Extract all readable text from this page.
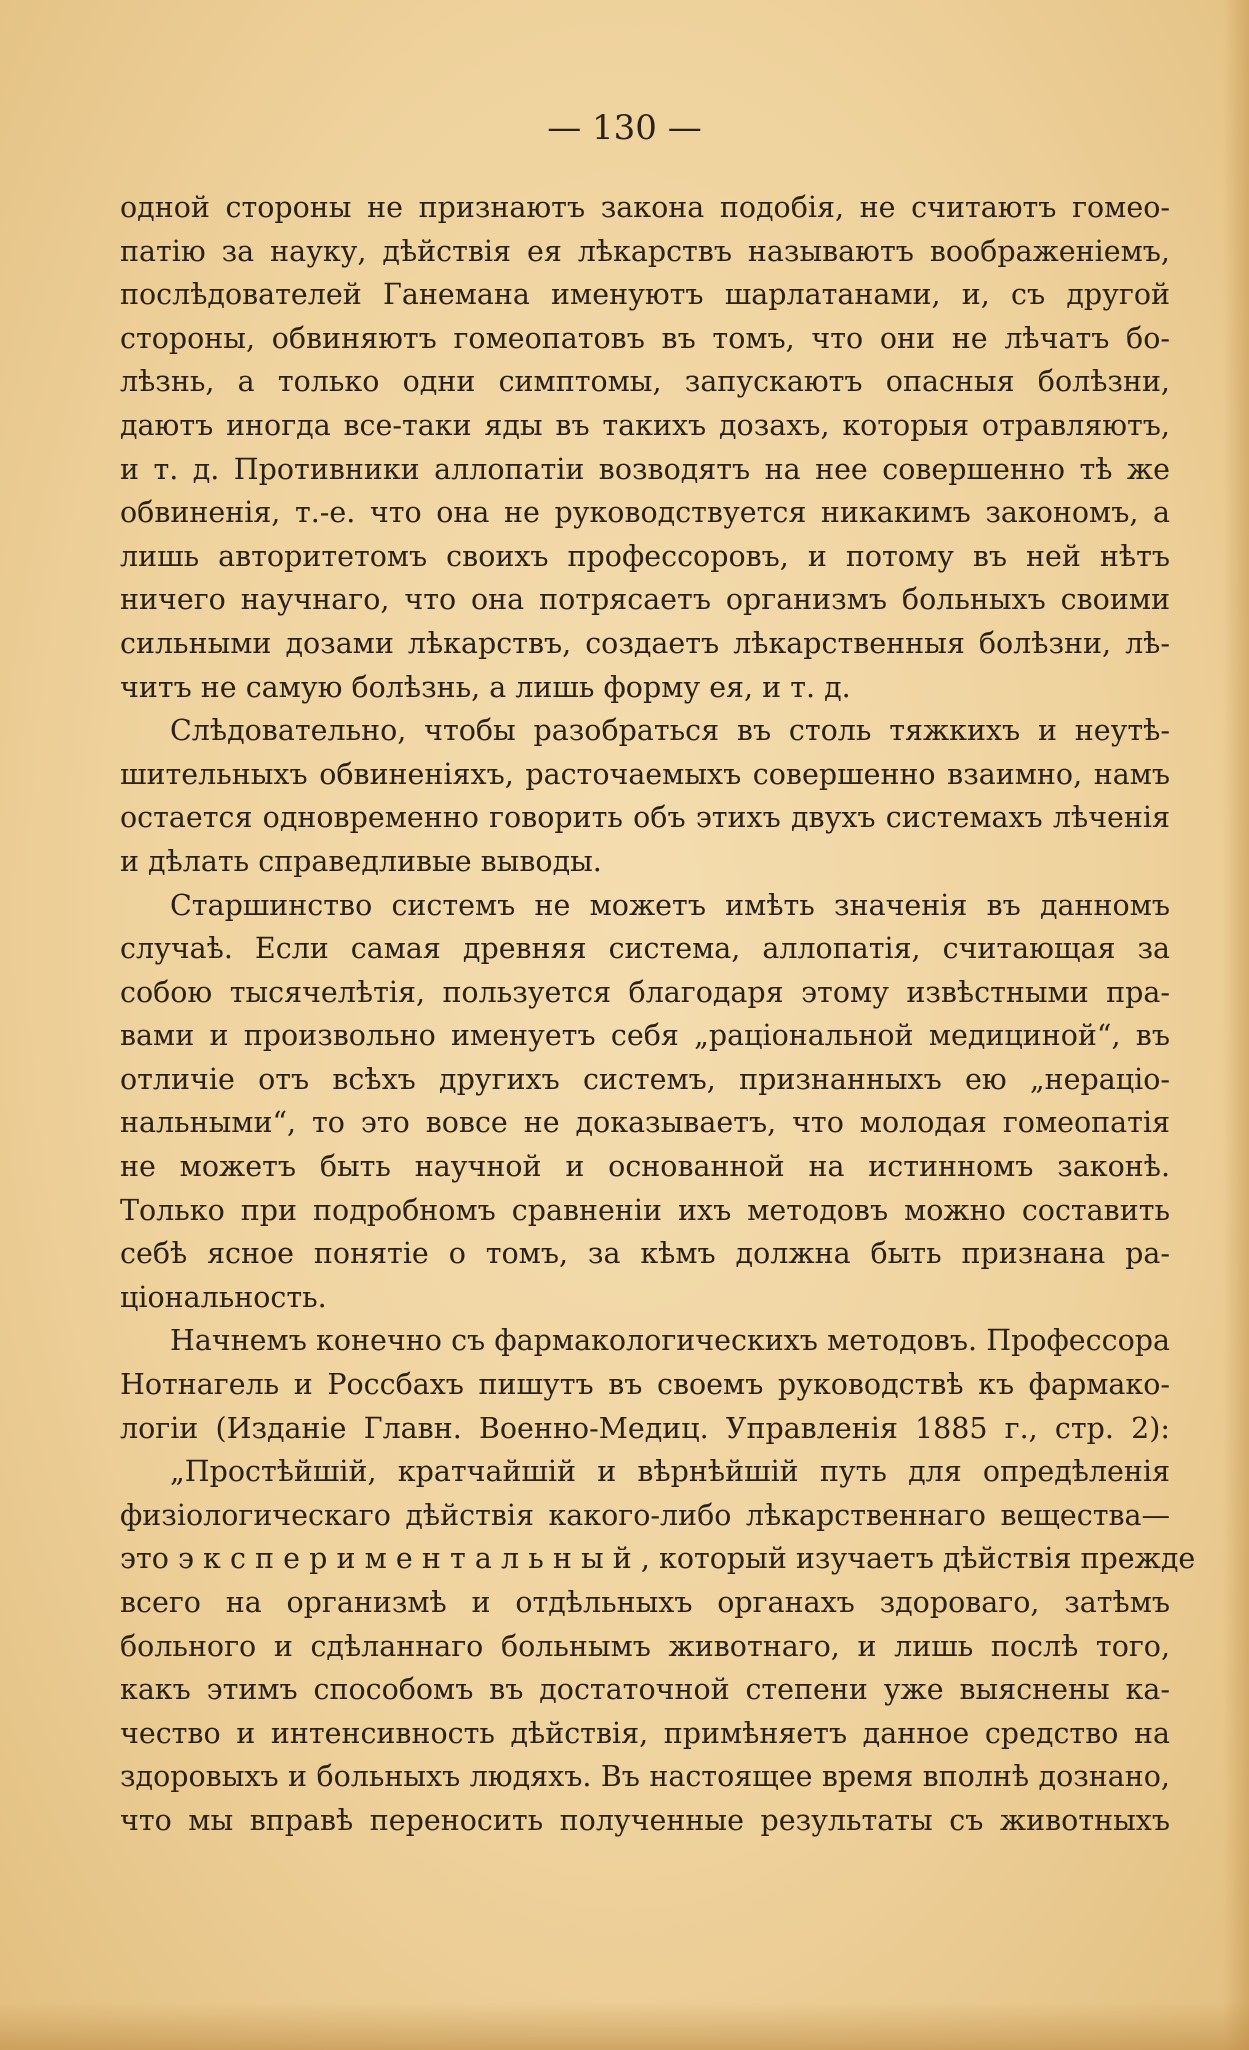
— 130 —
одной стороны не признаютъ закона подобія, не считаютъ гомео-
патію за науку, дѣйствія ея лѣкарствъ называютъ воображеніемъ,
послѣдователей Ганемана именуютъ шарлатанами, и, съ другой
стороны, обвиняютъ гомеопатовъ въ томъ, что они не лѣчатъ бо-
лѣзнь, а только одни симптомы, запускаютъ опасныя болѣзни,
даютъ иногда все-таки яды въ такихъ дозахъ, которыя отравляютъ,
и т. д. Противники аллопатіи возводятъ на нее совершенно тѣ же
обвиненія, т.-е. что она не руководствуется никакимъ закономъ, а
лишь авторитетомъ своихъ профессоровъ, и потому въ ней нѣтъ
ничего научнаго, что она потрясаетъ организмъ больныхъ своими
сильными дозами лѣкарствъ, создаетъ лѣкарственныя болѣзни, лѣ-
читъ не самую болѣзнь, а лишь форму ея, и т. д.
Слѣдовательно, чтобы разобраться въ столь тяжкихъ и неутѣ-
шительныхъ обвиненіяхъ, расточаемыхъ совершенно взаимно, намъ
остается одновременно говорить объ этихъ двухъ системахъ лѣченія
и дѣлать справедливые выводы.
Старшинство системъ не можетъ имѣть значенія въ данномъ
случаѣ. Если самая древняя система, аллопатія, считающая за
собою тысячелѣтія, пользуется благодаря этому извѣстными пра-
вами и произвольно именуетъ себя „раціональной медициной“, въ
отличіе отъ всѣхъ другихъ системъ, признанныхъ ею „нераціо-
нальными“, то это вовсе не доказываетъ, что молодая гомеопатія
не можетъ быть научной и основанной на истинномъ законѣ.
Только при подробномъ сравненіи ихъ методовъ можно составить
себѣ ясное понятіе о томъ, за кѣмъ должна быть признана ра-
ціональность.
Начнемъ конечно съ фармакологическихъ методовъ. Профессора
Нотнагель и Россбахъ пишутъ въ своемъ руководствѣ къ фармако-
логіи (Изданіе Главн. Военно-Медиц. Управленія 1885 г., стр. 2):
„Простѣйшій, кратчайшій и вѣрнѣйшій путь для опредѣленія
физіологическаго дѣйствія какого-либо лѣкарственнаго вещества—
это экспериментальный, который изучаетъ дѣйствія прежде
всего на организмѣ и отдѣльныхъ органахъ здороваго, затѣмъ
больного и сдѣланнаго больнымъ животнаго, и лишь послѣ того,
какъ этимъ способомъ въ достаточной степени уже выяснены ка-
чество и интенсивность дѣйствія, примѣняетъ данное средство на
здоровыхъ и больныхъ людяхъ. Въ настоящее время вполнѣ дознано,
что мы вправѣ переносить полученные результаты съ животныхъ
